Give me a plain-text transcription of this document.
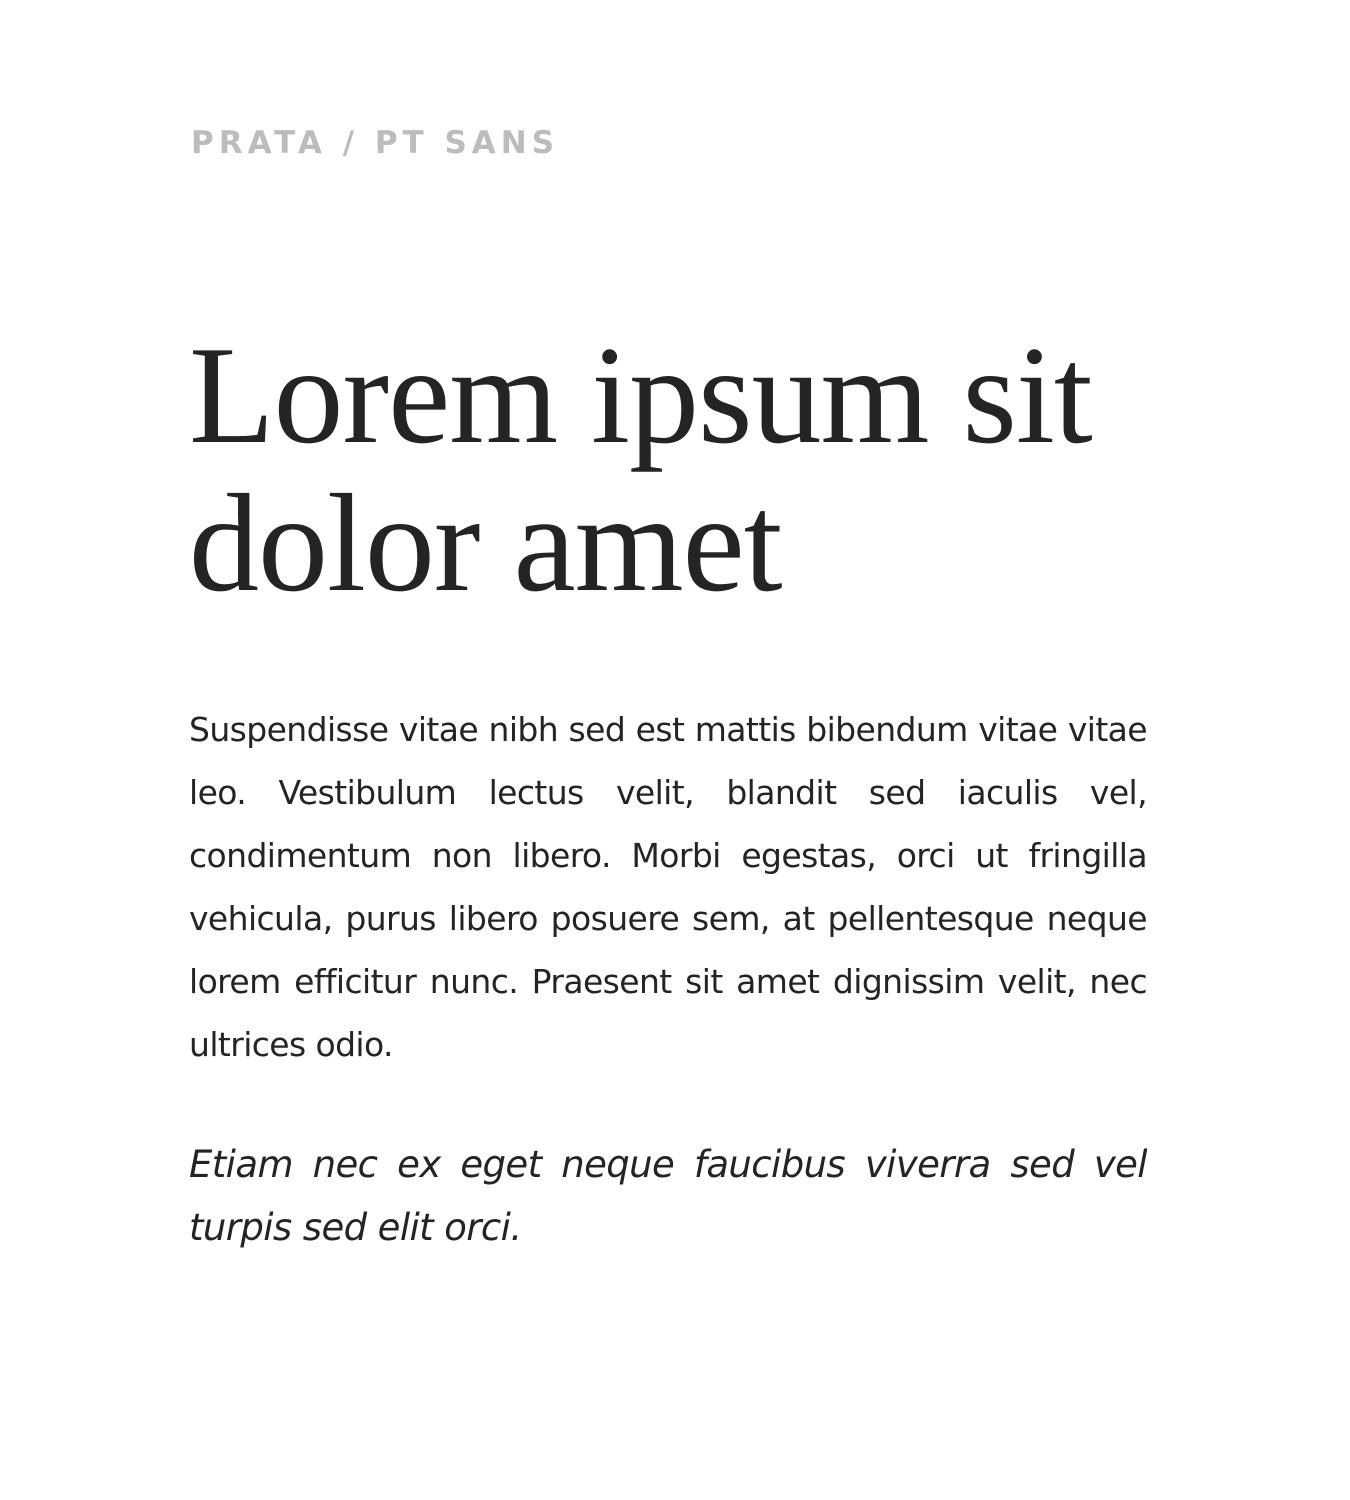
PRATA / PT SANS

Lorem ipsum sit dolor amet

Suspendisse vitae nibh sed est mattis bibendum vitae vitae leo. Vestibulum lectus velit, blandit sed iaculis vel, condimentum non libero. Morbi egestas, orci ut fringilla vehicula, purus libero posuere sem, at pellentesque neque lorem efficitur nunc. Praesent sit amet dignissim velit, nec ultrices odio.

Etiam nec ex eget neque faucibus viverra sed vel turpis sed elit orci.
